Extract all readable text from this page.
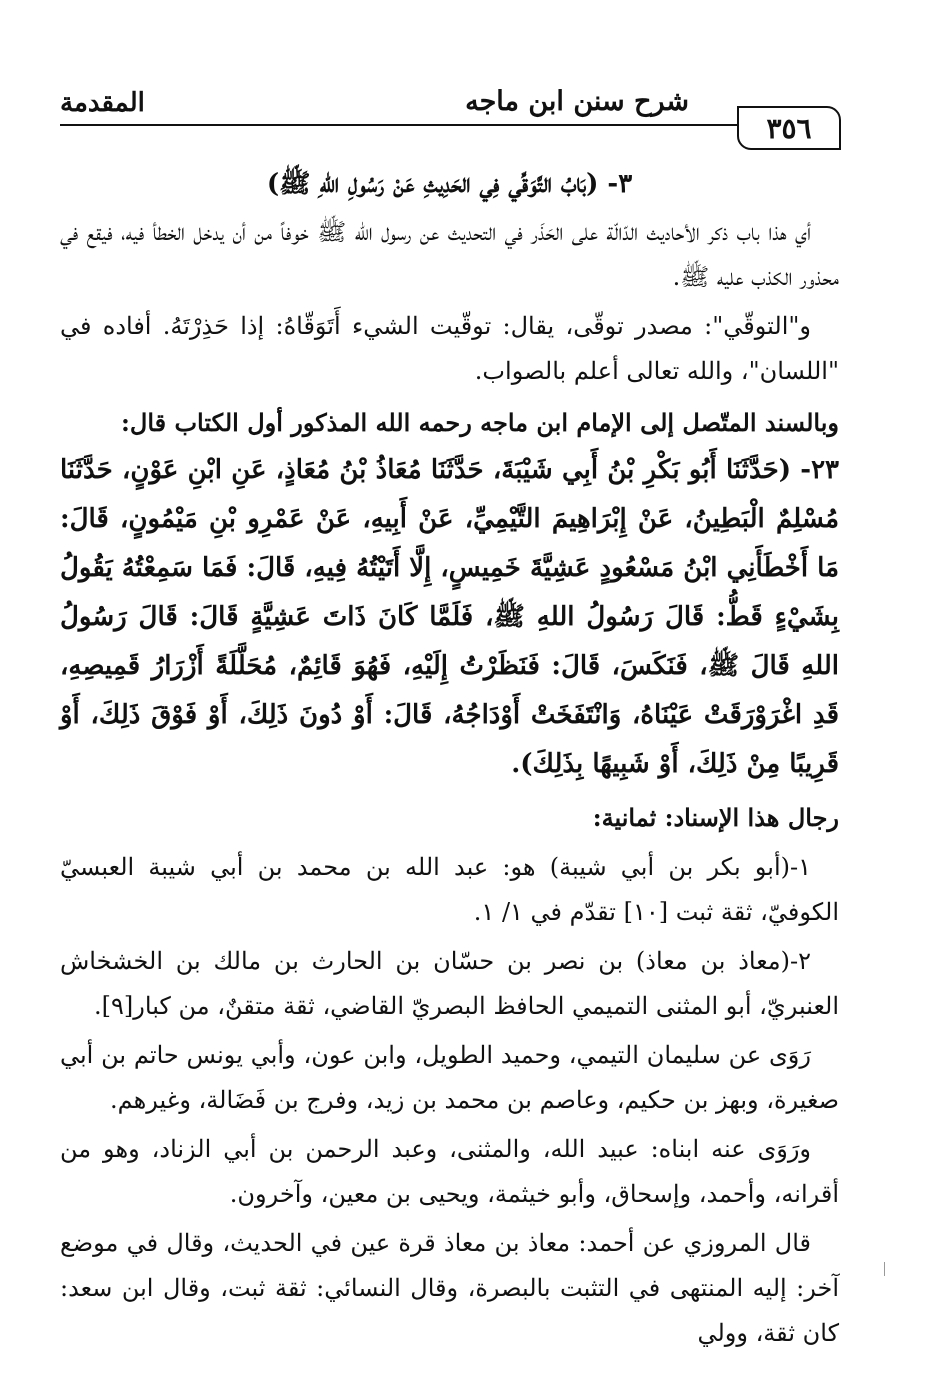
شرح سنن ابن ماجه
المقدمة
٣٥٦

٣- (بَابُ التَّوَقِّي فِي الحَدِيثِ عَنْ رَسُولِ اللهِ ﷺ)

أي هذا باب ذكر الأحاديث الدّالّة على الحَذَر في التحديث عن رسول الله ﷺ خوفاً من أن يدخل الخطأ فيه، فيقع في محذور الكذب عليه ﷺ.

و"التوقّي": مصدر توقّى، يقال: توقّيت الشيء أَتَوَقّاهُ: إذا حَذِرْتَهُ. أفاده في "اللسان"، والله تعالى أعلم بالصواب.

وبالسند المتّصل إلى الإمام ابن ماجه رحمه الله المذكور أول الكتاب قال:

٢٣- (حَدَّثَنَا أَبُو بَكْرِ بْنُ أَبِي شَيْبَةَ، حَدَّثَنَا مُعَاذُ بْنُ مُعَاذٍ، عَنِ ابْنِ عَوْنٍ، حَدَّثَنَا مُسْلِمٌ الْبَطِينُ، عَنْ إِبْرَاهِيمَ التَّيْمِيِّ، عَنْ أَبِيهِ، عَنْ عَمْرِو بْنِ مَيْمُونٍ، قَالَ: مَا أَخْطَأَنِي ابْنُ مَسْعُودٍ عَشِيَّةَ خَمِيسٍ، إِلَّا أَتَيْتُهُ فِيهِ، قَالَ: فَمَا سَمِعْتُهُ يَقُولُ بِشَيْءٍ قَطُّ: قَالَ رَسُولُ اللهِ ﷺ، فَلَمَّا كَانَ ذَاتَ عَشِيَّةٍ قَالَ: قَالَ رَسُولُ اللهِ قَالَ ﷺ، فَنَكَسَ، قَالَ: فَنَظَرْتُ إِلَيْهِ، فَهُوَ قَائِمٌ، مُحَلَّلَةً أَزْرَارُ قَمِيصِهِ، قَدِ اغْرَوْرَقَتْ عَيْنَاهُ، وَانْتَفَخَتْ أَوْدَاجُهُ، قَالَ: أَوْ دُونَ ذَلِكَ، أَوْ فَوْقَ ذَلِكَ، أَوْ قَرِيبًا مِنْ ذَلِكَ، أَوْ شَبِيهًا بِذَلِكَ).

رجال هذا الإسناد: ثمانية:

١-(أبو بكر بن أبي شيبة) هو: عبد الله بن محمد بن أبي شيبة العبسيّ الكوفيّ، ثقة ثبت [١٠] تقدّم في ١/ ١.

٢-(معاذ بن معاذ) بن نصر بن حسّان بن الحارث بن مالك بن الخشخاش العنبريّ، أبو المثنى التميمي الحافظ البصريّ القاضي، ثقة متقنٌ، من كبار[٩].

رَوَى عن سليمان التيمي، وحميد الطويل، وابن عون، وأبي يونس حاتم بن أبي صغيرة، وبهز بن حكيم، وعاصم بن محمد بن زيد، وفرج بن فَضَالة، وغيرهم.

ورَوَى عنه ابناه: عبيد الله، والمثنى، وعبد الرحمن بن أبي الزناد، وهو من أقرانه، وأحمد، وإسحاق، وأبو خيثمة، ويحيى بن معين، وآخرون.

قال المروزي عن أحمد: معاذ بن معاذ قرة عين في الحديث، وقال في موضع آخر: إليه المنتهى في التثبت بالبصرة، وقال النسائي: ثقة ثبت، وقال ابن سعد: كان ثقة، وولي
